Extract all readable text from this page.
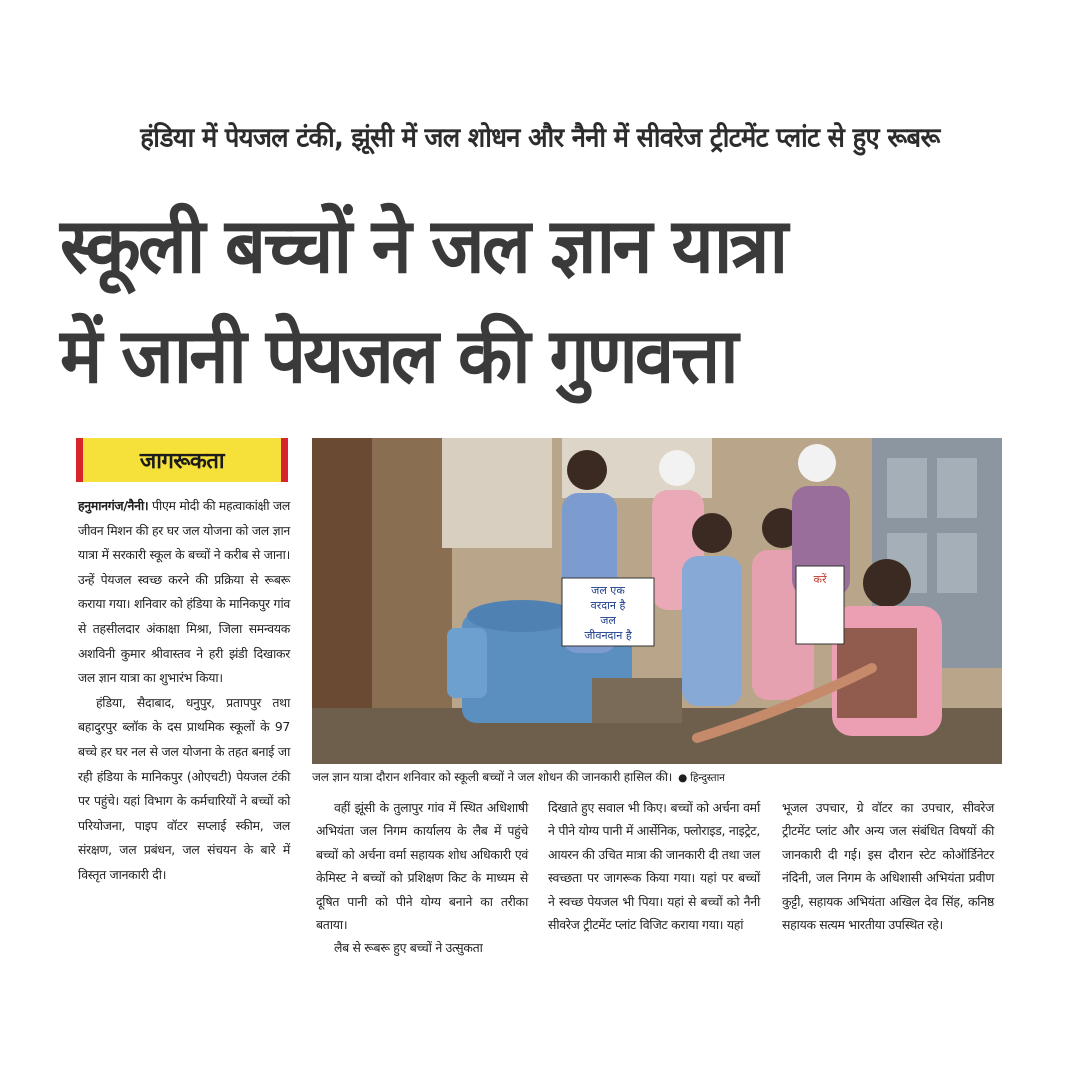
हंडिया में पेयजल टंकी, झूंसी में जल शोधन और नैनी में सीवरेज ट्रीटमेंट प्लांट से हुए रूबरू
स्कूली बच्चों ने जल ज्ञान यात्रा
में जानी पेयजल की गुणवत्ता
जागरूकता

हनुमानगंज/नैनी। पीएम मोदी की महत्वाकांक्षी जल जीवन मिशन की हर घर जल योजना को जल ज्ञान यात्रा में सरकारी स्कूल के बच्चों ने करीब से जाना। उन्हें पेयजल स्वच्छ करने की प्रक्रिया से रूबरू कराया गया। शनिवार को हंडिया के मानिकपुर गांव से तहसीलदार अंकाक्षा मिश्रा, जिला समन्वयक अशविनी कुमार श्रीवास्तव ने हरी झंडी दिखाकर जल ज्ञान यात्रा का शुभारंभ किया।

हंडिया, सैदाबाद, धनुपुर, प्रतापपुर तथा बहादुरपुर ब्लॉक के दस प्राथमिक स्कूलों के 97 बच्चे हर घर नल से जल योजना के तहत बनाई जा रही हंडिया के मानिकपुर (ओएचटी) पेयजल टंकी पर पहुंचे। यहां विभाग के कर्मचारियों ने बच्चों को परियोजना, पाइप वॉटर सप्लाई स्कीम, जल संरक्षण, जल प्रबंधन, जल संचयन के बारे में विस्तृत जानकारी दी।

जल एक
वरदान है
जल
जीवनदान है
करें
जल ज्ञान यात्रा दौरान शनिवार को स्कूली बच्चों ने जल शोधन की जानकारी हासिल की। ● हिन्दुस्तान

वहीं झूंसी के तुलापुर गांव में स्थित अधिशाषी अभियंता जल निगम कार्यालय के लैब में पहुंचे बच्चों को अर्चना वर्मा सहायक शोध अधिकारी एवं केमिस्ट ने बच्चों को प्रशिक्षण किट के माध्यम से दूषित पानी को पीने योग्य बनाने का तरीका बताया।

लैब से रूबरू हुए बच्चों ने उत्सुकता

दिखाते हुए सवाल भी किए। बच्चों को अर्चना वर्मा ने पीने योग्य पानी में आर्सेनिक, फ्लोराइड, नाइट्रेट, आयरन की उचित मात्रा की जानकारी दी तथा जल स्वच्छता पर जागरूक किया गया। यहां पर बच्चों ने स्वच्छ पेयजल भी पिया। यहां से बच्चों को नैनी सीवरेज ट्रीटमेंट प्लांट विजिट कराया गया। यहां

भूजल उपचार, ग्रे वॉटर का उपचार, सीवरेज ट्रीटमेंट प्लांट और अन्य जल संबंधित विषयों की जानकारी दी गई। इस दौरान स्टेट कोऑर्डिनेटर नंदिनी, जल निगम के अधिशासी अभियंता प्रवीण कुट्टी, सहायक अभियंता अखिल देव सिंह, कनिष्ठ सहायक सत्यम भारतीया उपस्थित रहे।
